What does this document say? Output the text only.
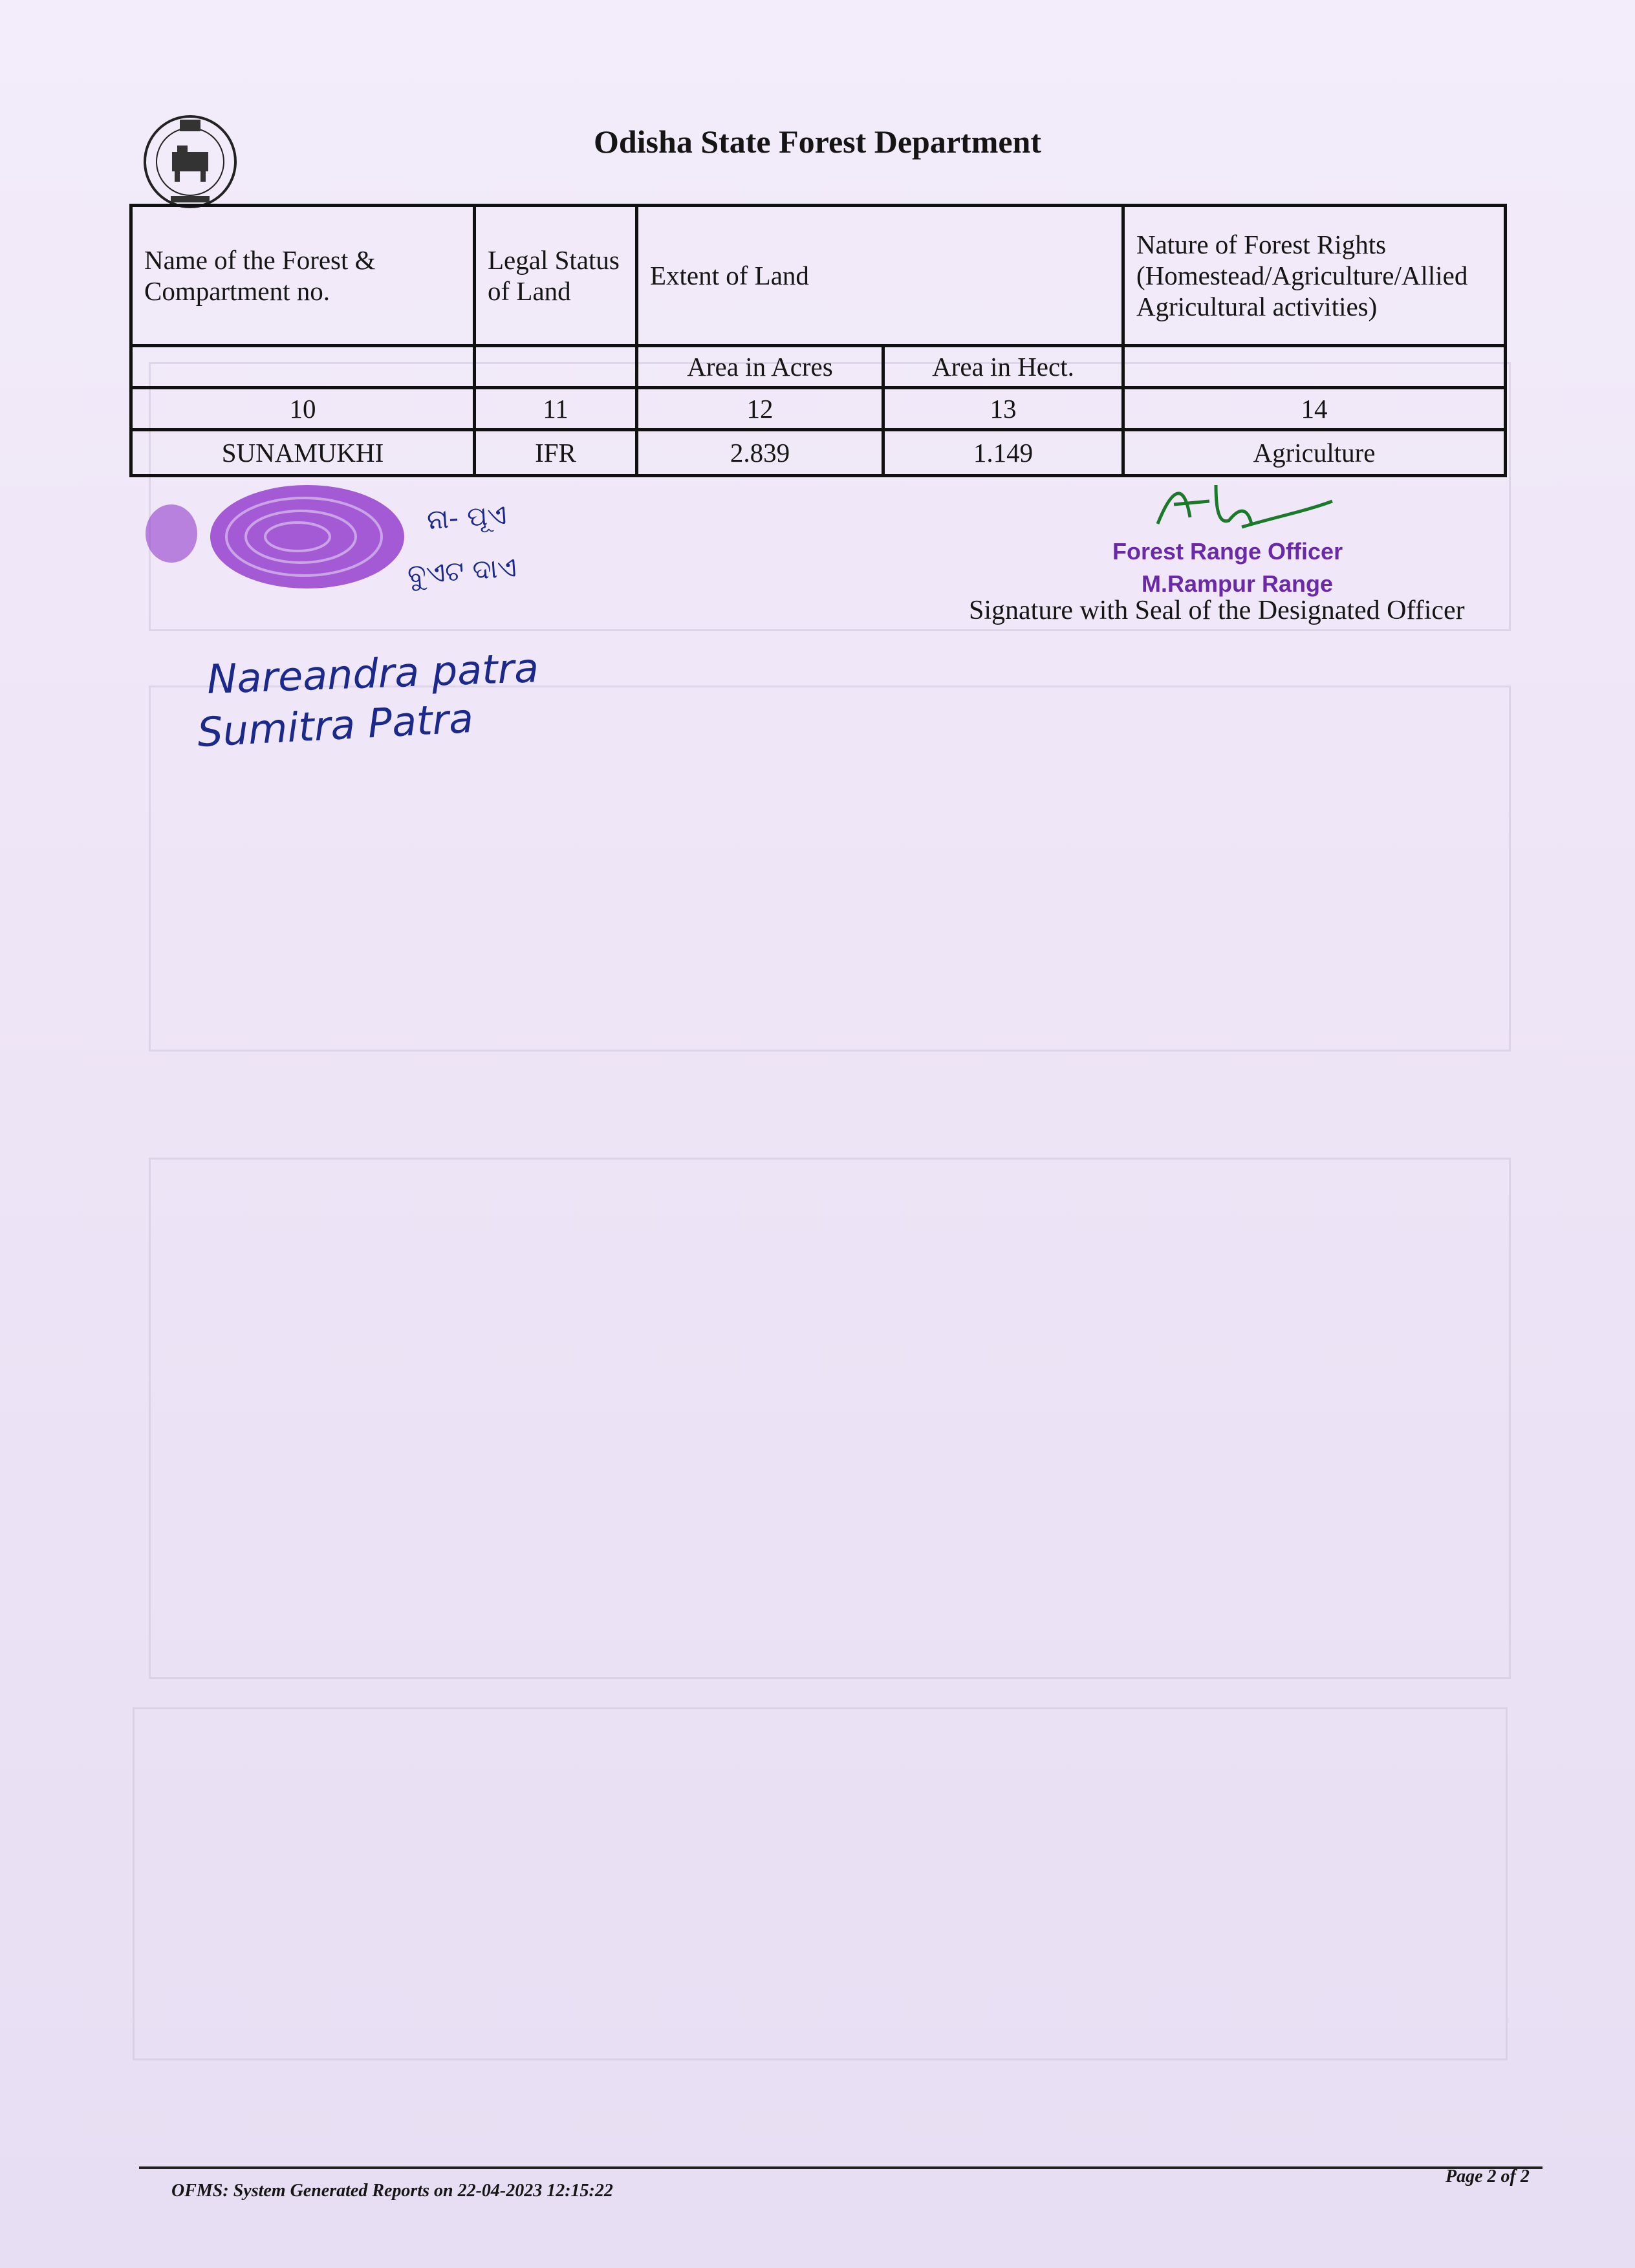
Odisha State Forest Department
Name of the Forest & Compartment no.	Legal Status of Land	Extent of Land		Nature of Forest Rights (Homestead/Agriculture/Allied Agricultural activities)
		Area in Acres	Area in Hect.	
10	11	12	13	14
SUNAMUKHI	IFR	2.839	1.149	Agriculture
ନା- ପୂଏ
ବୁଏଟ ଦାଏ
Nareandra patra
Sumitra Patra
Forest Range Officer
M.Rampur Range
Signature with Seal of the Designated Officer
OFMS: System Generated Reports on 22-04-2023 12:15:22
Page 2 of 2
